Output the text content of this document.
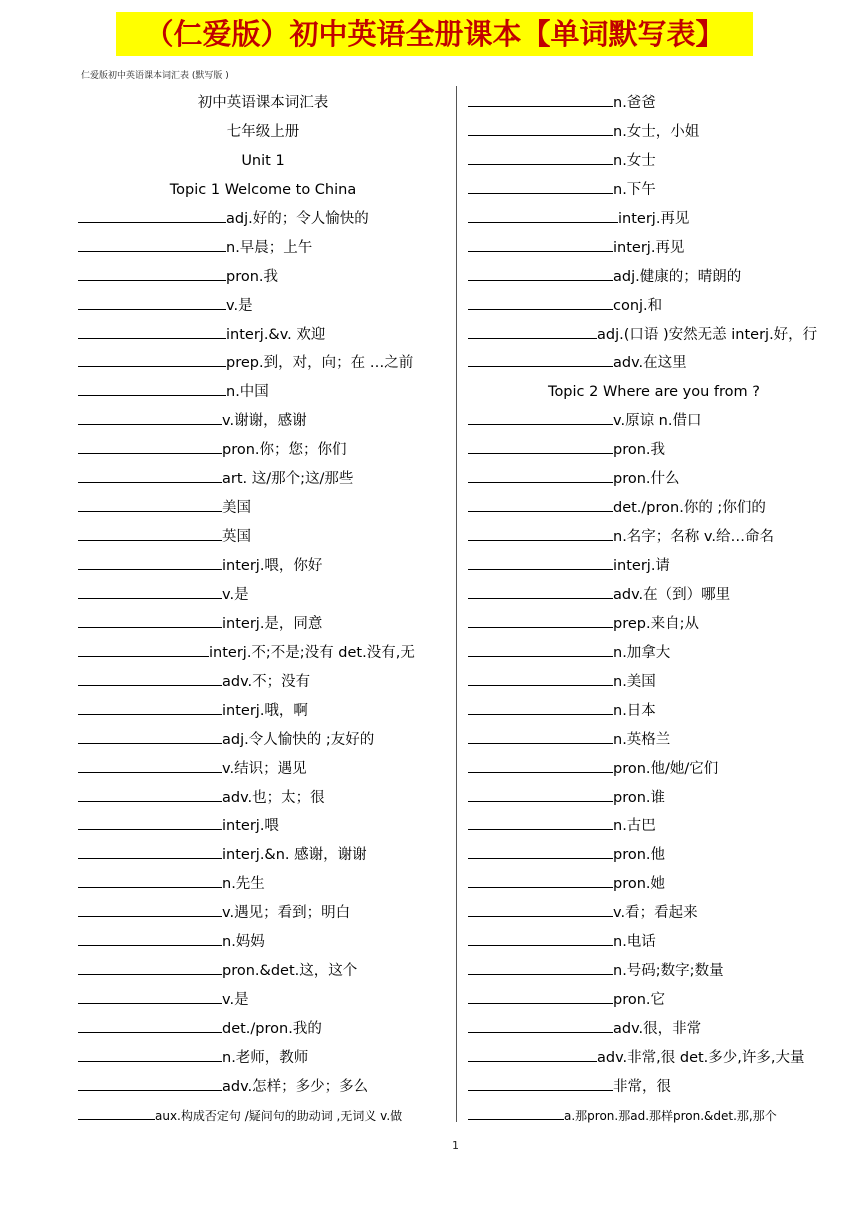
（仁爱版）初中英语全册课本【单词默写表】
仁爱版初中英语课本词汇表 (默写版 )
初中英语课本词汇表
七年级上册
Unit 1
Topic 1 Welcome to China
adj.好的；令人愉快的
n.早晨；上午
pron.我
v.是
interj.&v. 欢迎
prep.到，对，向；在 …之前
n.中国
v.谢谢，感谢
pron.你；您；你们
art. 这/那个;这/那些
美国
英国
interj.喂，你好
v.是
interj.是，同意
interj.不;不是;没有 det.没有,无
adv.不；没有
interj.哦，啊
adj.令人愉快的 ;友好的
v.结识；遇见
adv.也；太；很
interj.喂
interj.&n. 感谢，谢谢
n.先生
v.遇见；看到；明白
n.妈妈
pron.&det.这，这个
v.是
det./pron.我的
n.老师，教师
adv.怎样；多少；多么
aux.构成否定句 /疑问句的助动词 ,无词义 v.做
n.爸爸
n.女士，小姐
n.女士
n.下午
interj.再见
interj.再见
adj.健康的；晴朗的
conj.和
adj.(口语 )安然无恙 interj.好，行
adv.在这里
Topic 2 Where are you from ?
v.原谅 n.借口
pron.我
pron.什么
det./pron.你的 ;你们的
n.名字；名称 v.给…命名
interj.请
adv.在（到）哪里
prep.来自;从
n.加拿大
n.美国
n.日本
n.英格兰
pron.他/她/它们
pron.谁
n.古巴
pron.他
pron.她
v.看；看起来
n.电话
n.号码;数字;数量
pron.它
adv.很，非常
adv.非常,很 det.多少,许多,大量
非常，很
a.那pron.那ad.那样pron.&det.那,那个
1
